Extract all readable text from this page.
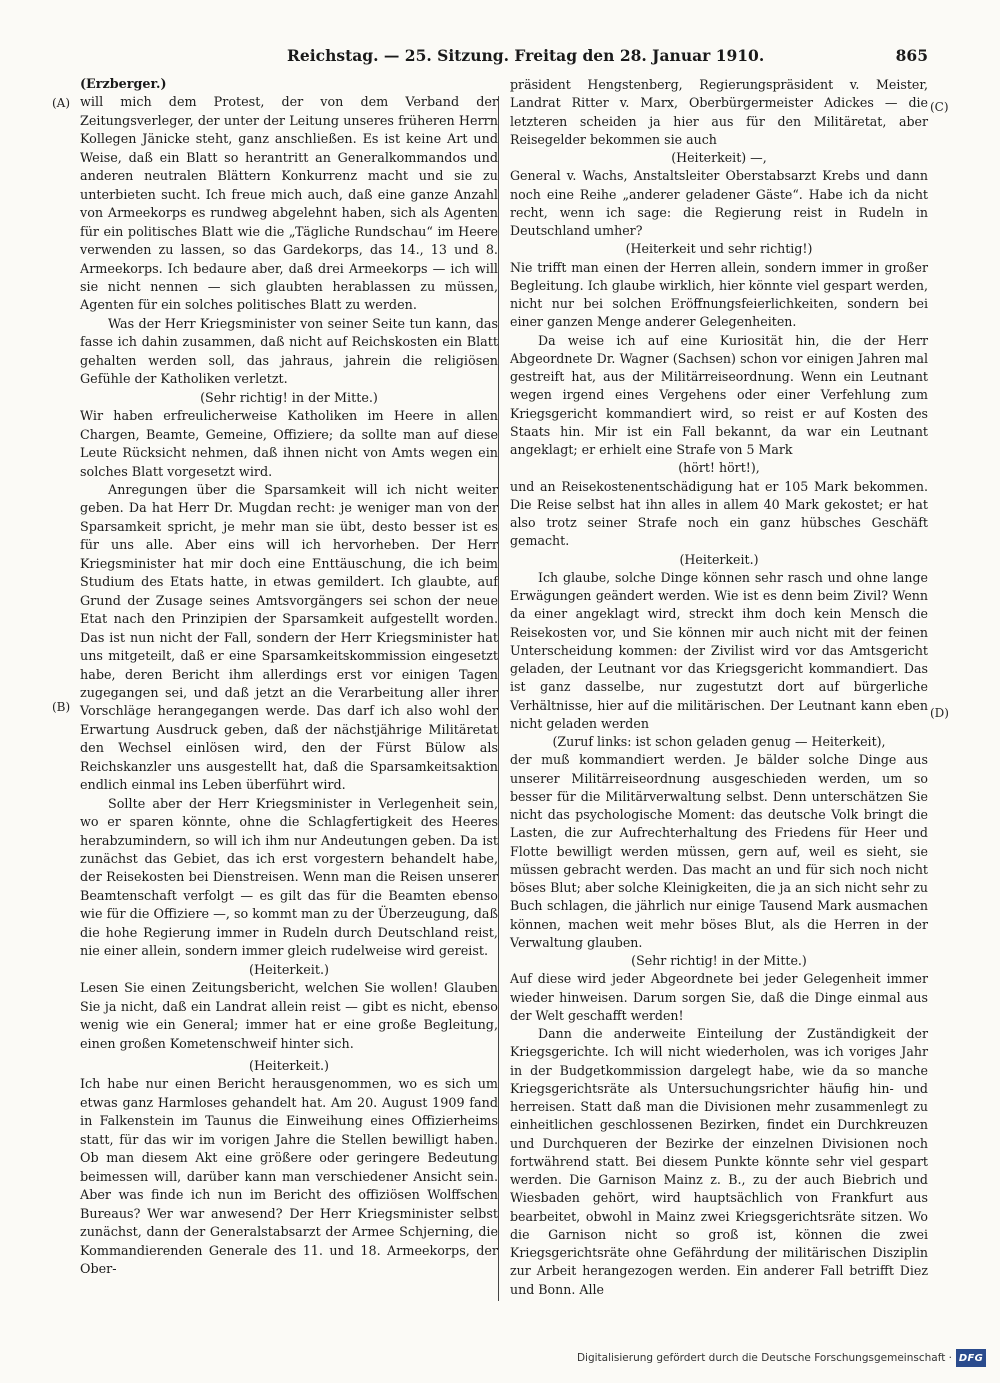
Reichstag. — 25. Sitzung. Freitag den 28. Januar 1910.	865
(A)
(B)
(C)
(D)

(Erzberger.)

will mich dem Protest, der von dem Verband der Zeitungsverleger, der unter der Leitung unseres früheren Herrn Kollegen Jänicke steht, ganz anschließen. Es ist keine Art und Weise, daß ein Blatt so herantritt an Generalkommandos und anderen neutralen Blättern Konkurrenz macht und sie zu unterbieten sucht. Ich freue mich auch, daß eine ganze Anzahl von Armeekorps es rundweg abgelehnt haben, sich als Agenten für ein politisches Blatt wie die „Tägliche Rundschau“ im Heere verwenden zu lassen, so das Gardekorps, das 14., 13 und 8. Armeekorps. Ich bedaure aber, daß drei Armeekorps — ich will sie nicht nennen — sich glaubten herablassen zu müssen, Agenten für ein solches politisches Blatt zu werden.

Was der Herr Kriegsminister von seiner Seite tun kann, das fasse ich dahin zusammen, daß nicht auf Reichskosten ein Blatt gehalten werden soll, das jahraus, jahrein die religiösen Gefühle der Katholiken verletzt.

(Sehr richtig! in der Mitte.)

Wir haben erfreulicherweise Katholiken im Heere in allen Chargen, Beamte, Gemeine, Offiziere; da sollte man auf diese Leute Rücksicht nehmen, daß ihnen nicht von Amts wegen ein solches Blatt vorgesetzt wird.

Anregungen über die Sparsamkeit will ich nicht weiter geben. Da hat Herr Dr. Mugdan recht: je weniger man von der Sparsamkeit spricht, je mehr man sie übt, desto besser ist es für uns alle. Aber eins will ich hervorheben. Der Herr Kriegsminister hat mir doch eine Enttäuschung, die ich beim Studium des Etats hatte, in etwas gemildert. Ich glaubte, auf Grund der Zusage seines Amtsvorgängers sei schon der neue Etat nach den Prinzipien der Sparsamkeit aufgestellt worden. Das ist nun nicht der Fall, sondern der Herr Kriegsminister hat uns mitgeteilt, daß er eine Sparsamkeitskommission eingesetzt habe, deren Bericht ihm allerdings erst vor einigen Tagen zugegangen sei, und daß jetzt an die Verarbeitung aller ihrer Vorschläge herangegangen werde. Das darf ich also wohl der Erwartung Ausdruck geben, daß der nächstjährige Militäretat den Wechsel einlösen wird, den der Fürst Bülow als Reichskanzler uns ausgestellt hat, daß die Sparsamkeitsaktion endlich einmal ins Leben überführt wird.

Sollte aber der Herr Kriegsminister in Verlegenheit sein, wo er sparen könnte, ohne die Schlagfertigkeit des Heeres herabzumindern, so will ich ihm nur Andeutungen geben. Da ist zunächst das Gebiet, das ich erst vorgestern behandelt habe, der Reisekosten bei Dienstreisen. Wenn man die Reisen unserer Beamtenschaft verfolgt — es gilt das für die Beamten ebenso wie für die Offiziere —, so kommt man zu der Überzeugung, daß die hohe Regierung immer in Rudeln durch Deutschland reist, nie einer allein, sondern immer gleich rudelweise wird gereist.

(Heiterkeit.)

Lesen Sie einen Zeitungsbericht, welchen Sie wollen! Glauben Sie ja nicht, daß ein Landrat allein reist — gibt es nicht, ebenso wenig wie ein General; immer hat er eine große Begleitung, einen großen Kometenschweif hinter sich.

(Heiterkeit.)

Ich habe nur einen Bericht herausgenommen, wo es sich um etwas ganz Harmloses gehandelt hat. Am 20. August 1909 fand in Falkenstein im Taunus die Einweihung eines Offizierheims statt, für das wir im vorigen Jahre die Stellen bewilligt haben. Ob man diesem Akt eine größere oder geringere Bedeutung beimessen will, darüber kann man verschiedener Ansicht sein. Aber was finde ich nun im Bericht des offiziösen Wolffschen Bureaus? Wer war anwesend? Der Herr Kriegsminister selbst zunächst, dann der Generalstabsarzt der Armee Schjerning, die Kommandierenden Generale des 11. und 18. Armeekorps, der Ober-

präsident Hengstenberg, Regierungspräsident v. Meister, Landrat Ritter v. Marx, Oberbürgermeister Adickes — die letzteren scheiden ja hier aus für den Militäretat, aber Reisegelder bekommen sie auch

(Heiterkeit) —,

General v. Wachs, Anstaltsleiter Oberstabsarzt Krebs und dann noch eine Reihe „anderer geladener Gäste“. Habe ich da nicht recht, wenn ich sage: die Regierung reist in Rudeln in Deutschland umher?

(Heiterkeit und sehr richtig!)

Nie trifft man einen der Herren allein, sondern immer in großer Begleitung. Ich glaube wirklich, hier könnte viel gespart werden, nicht nur bei solchen Eröffnungsfeierlichkeiten, sondern bei einer ganzen Menge anderer Gelegenheiten.

Da weise ich auf eine Kuriosität hin, die der Herr Abgeordnete Dr. Wagner (Sachsen) schon vor einigen Jahren mal gestreift hat, aus der Militärreiseordnung. Wenn ein Leutnant wegen irgend eines Vergehens oder einer Verfehlung zum Kriegsgericht kommandiert wird, so reist er auf Kosten des Staats hin. Mir ist ein Fall bekannt, da war ein Leutnant angeklagt; er erhielt eine Strafe von 5 Mark

(hört! hört!),

und an Reisekostenentschädigung hat er 105 Mark bekommen. Die Reise selbst hat ihn alles in allem 40 Mark gekostet; er hat also trotz seiner Strafe noch ein ganz hübsches Geschäft gemacht.

(Heiterkeit.)

Ich glaube, solche Dinge können sehr rasch und ohne lange Erwägungen geändert werden. Wie ist es denn beim Zivil? Wenn da einer angeklagt wird, streckt ihm doch kein Mensch die Reisekosten vor, und Sie können mir auch nicht mit der feinen Unterscheidung kommen: der Zivilist wird vor das Amtsgericht geladen, der Leutnant vor das Kriegsgericht kommandiert. Das ist ganz dasselbe, nur zugestutzt dort auf bürgerliche Verhältnisse, hier auf die militärischen. Der Leutnant kann eben nicht geladen werden

(Zuruf links: ist schon geladen genug — Heiterkeit),

der muß kommandiert werden. Je bälder solche Dinge aus unserer Militärreiseordnung ausgeschieden werden, um so besser für die Militärverwaltung selbst. Denn unterschätzen Sie nicht das psychologische Moment: das deutsche Volk bringt die Lasten, die zur Aufrechterhaltung des Friedens für Heer und Flotte bewilligt werden müssen, gern auf, weil es sieht, sie müssen gebracht werden. Das macht an und für sich noch nicht böses Blut; aber solche Kleinigkeiten, die ja an sich nicht sehr zu Buch schlagen, die jährlich nur einige Tausend Mark ausmachen können, machen weit mehr böses Blut, als die Herren in der Verwaltung glauben.

(Sehr richtig! in der Mitte.)

Auf diese wird jeder Abgeordnete bei jeder Gelegenheit immer wieder hinweisen. Darum sorgen Sie, daß die Dinge einmal aus der Welt geschafft werden!

Dann die anderweite Einteilung der Zuständigkeit der Kriegsgerichte. Ich will nicht wiederholen, was ich voriges Jahr in der Budgetkommission dargelegt habe, wie da so manche Kriegsgerichtsräte als Untersuchungsrichter häufig hin- und herreisen. Statt daß man die Divisionen mehr zusammenlegt zu einheitlichen geschlossenen Bezirken, findet ein Durchkreuzen und Durchqueren der Bezirke der einzelnen Divisionen noch fortwährend statt. Bei diesem Punkte könnte sehr viel gespart werden. Die Garnison Mainz z. B., zu der auch Biebrich und Wiesbaden gehört, wird hauptsächlich von Frankfurt aus bearbeitet, obwohl in Mainz zwei Kriegsgerichtsräte sitzen. Wo die Garnison nicht so groß ist, können die zwei Kriegsgerichtsräte ohne Gefährdung der militärischen Disziplin zur Arbeit herangezogen werden. Ein anderer Fall betrifft Diez und Bonn. Alle

Digitalisierung gefördert durch die Deutsche Forschungsgemeinschaft · DFG
